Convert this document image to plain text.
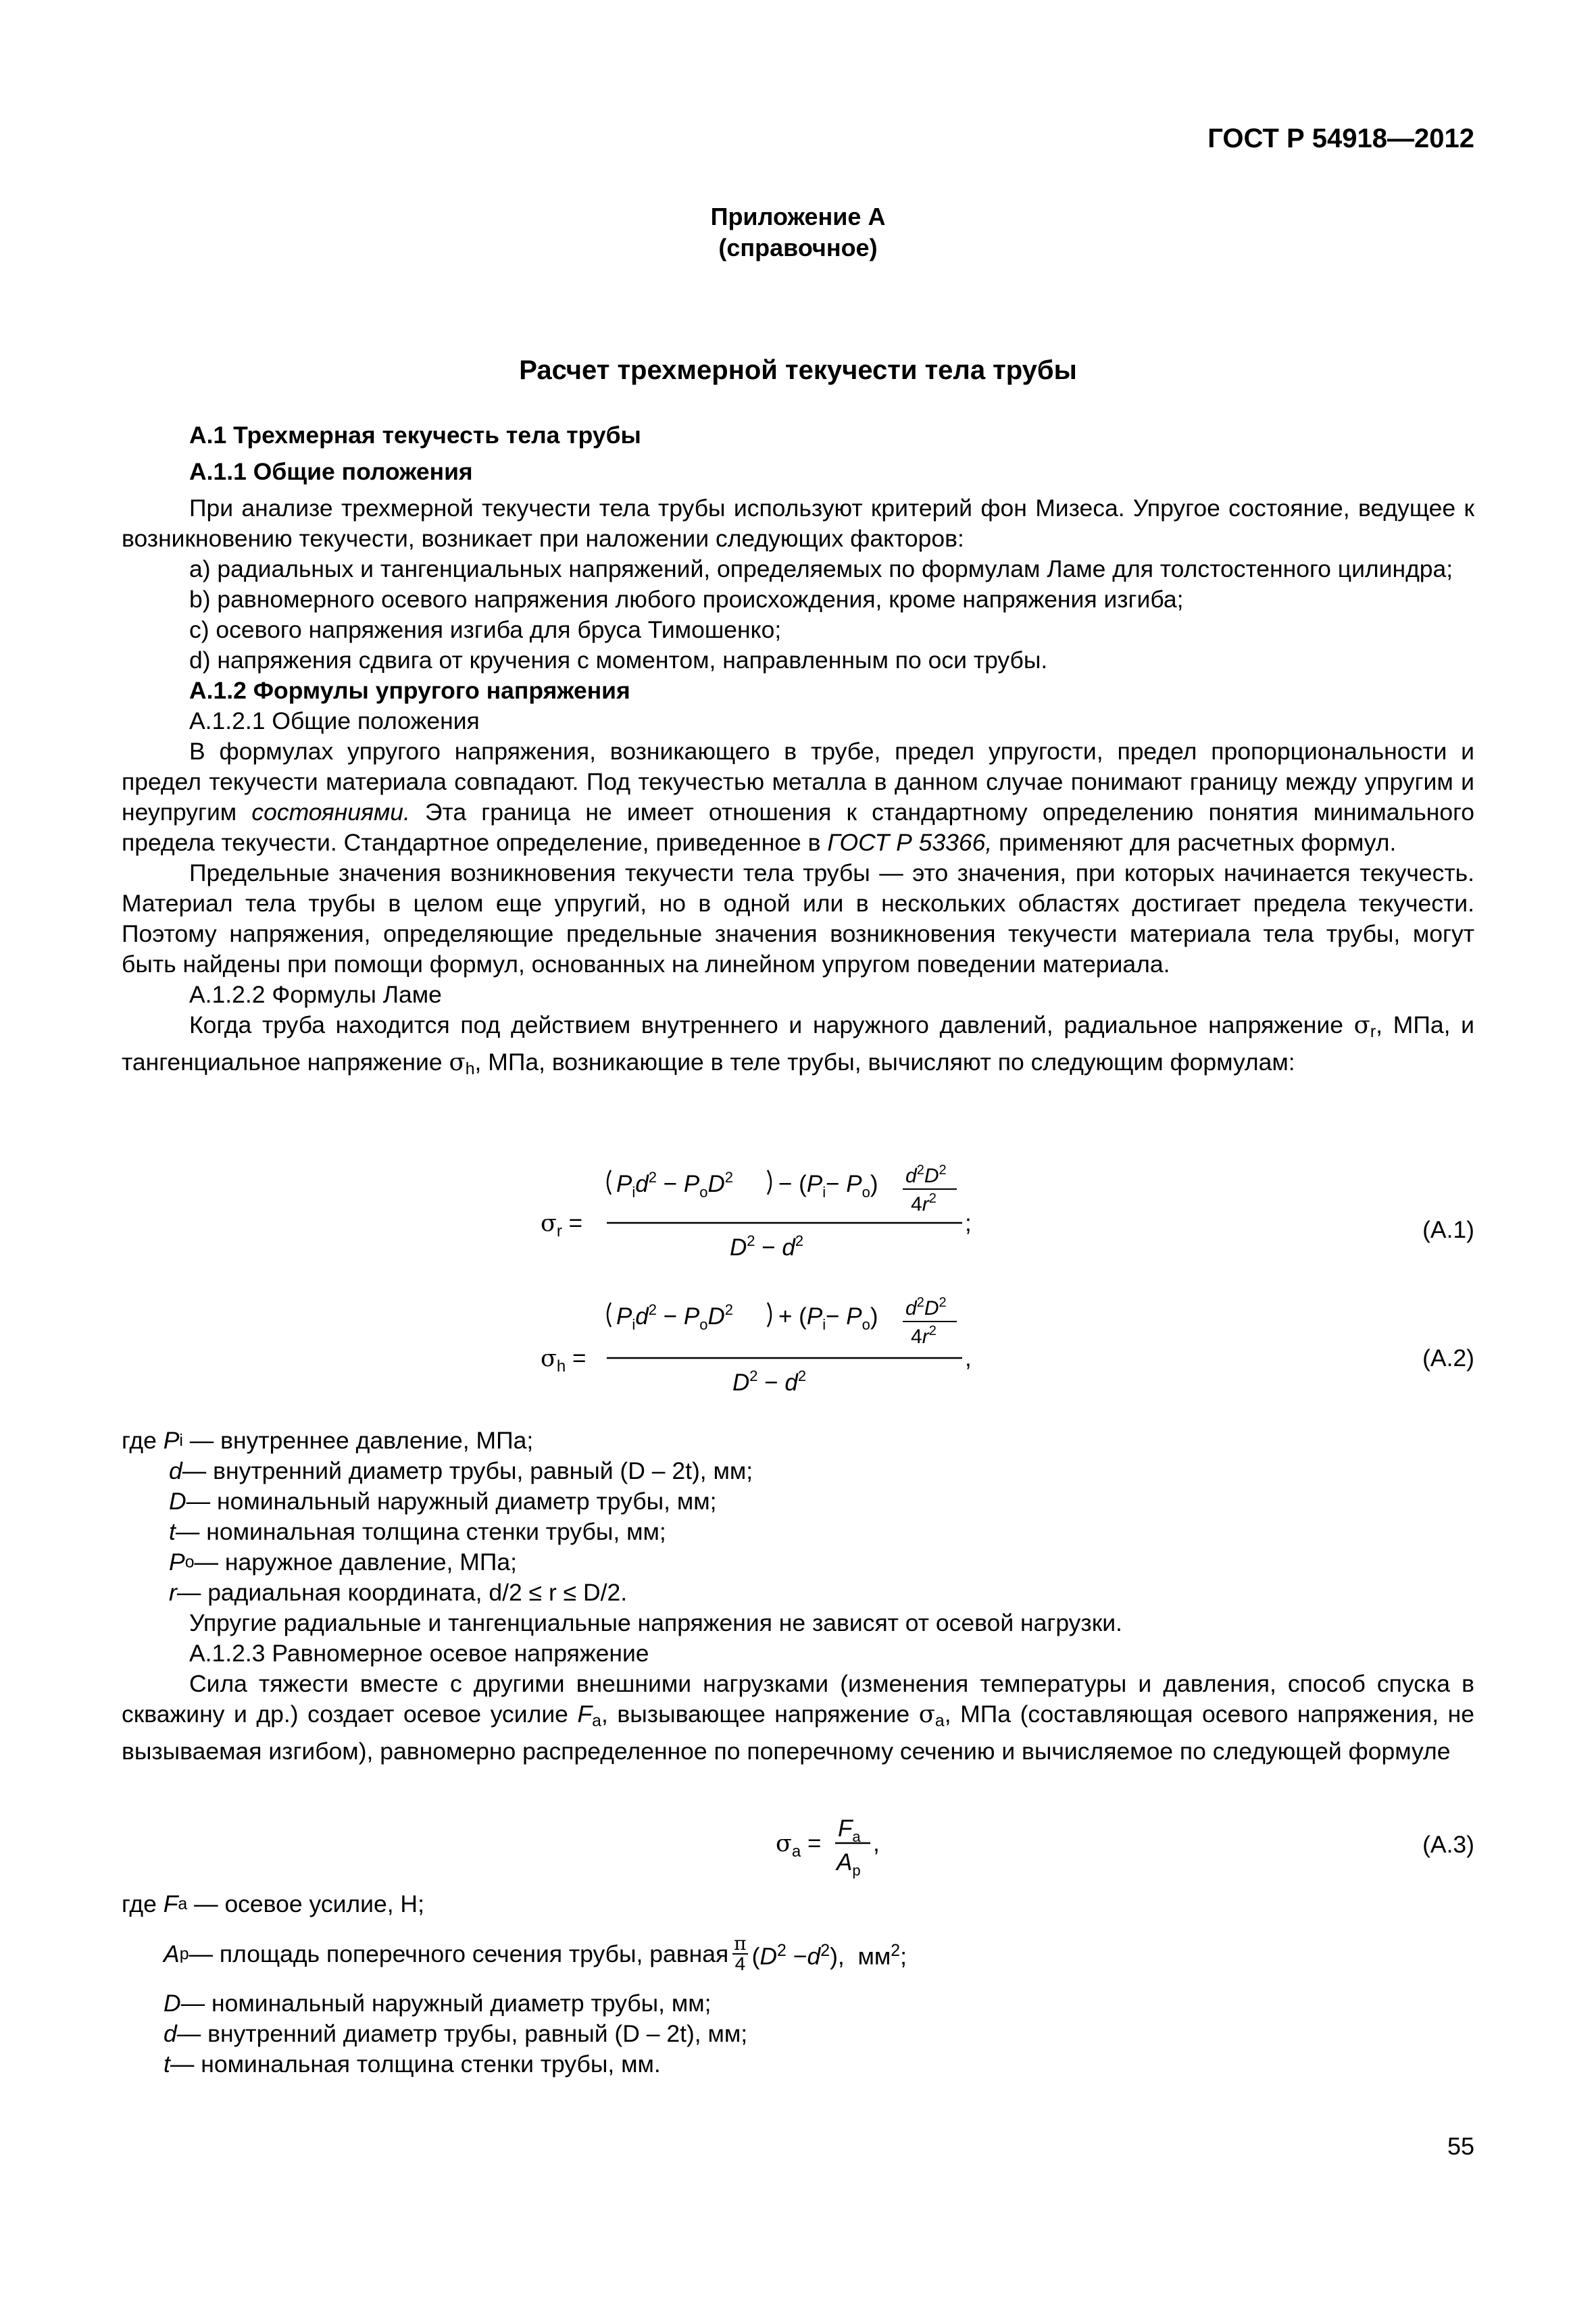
ГОСТ Р 54918—2012
Приложение А
(справочное)
Расчет трехмерной текучести тела трубы
А.1 Трехмерная текучесть тела трубы
А.1.1 Общие положения

При анализе трехмерной текучести тела трубы используют критерий фон Мизеса. Упругое состояние, ведущее к возникновению текучести, возникает при наложении следующих факторов:

a) радиальных и тангенциальных напряжений, определяемых по формулам Ламе для толстостенного цилиндра;

b) равномерного осевого напряжения любого происхождения, кроме напряжения изгиба;

c) осевого напряжения изгиба для бруса Тимошенко;

d) напряжения сдвига от кручения с моментом, направленным по оси трубы.

А.1.2 Формулы упругого напряжения

А.1.2.1 Общие положения

В формулах упругого напряжения, возникающего в трубе, предел упругости, предел пропорциональности и предел текучести материала совпадают. Под текучестью металла в данном случае понимают границу между упругим и неупругим состояниями. Эта граница не имеет отношения к стандартному определению понятия минимального предела текучести. Стандартное определение, приведенное в ГОСТ Р 53366, применяют для расчетных формул.

Предельные значения возникновения текучести тела трубы — это значения, при которых начинается текучесть. Материал тела трубы в целом еще упругий, но в одной или в нескольких областях достигает предела текучести. Поэтому напряжения, определяющие предельные значения возникновения текучести материала тела трубы, могут быть найдены при помощи формул, основанных на линейном упругом поведении материала.

А.1.2.2 Формулы Ламе

Когда труба находится под действием внутреннего и наружного давлений, радиальное напряжение $\sigma_r$, МПа, и тангенциальное напряжение $\sigma_h$, МПа, возникающие в теле трубы, вычисляют по следующим формулам:

$\sigma_r$ =
$P_id^2 - P_oD^2 - (P_i- P_o)$ $d^2D^2$
$4r^2$
$D^2 - d^2$
;	(А.1)
$\sigma_h$ =
$P_id^2 - P_oD^2 + (P_i- P_o)$ $d^2D^2$
$4r^2$
$D^2 - d^2$
,	(А.2)
где
P i
— внутреннее давление, МПа;
d — внутренний диаметр трубы, равный (D – 2t), мм;
D — номинальный наружный диаметр трубы, мм;
t — номинальная толщина стенки трубы, мм;
P o — наружное давление, МПа;
r — радиальная координата, d/2 ≤ r ≤ D/2.

Упругие радиальные и тангенциальные напряжения не зависят от осевой нагрузки.

А.1.2.3 Равномерное осевое напряжение

Сила тяжести вместе с другими внешними нагрузками (изменения температуры и давления, способ спуска в скважину и др.) создает осевое усилие $F_a$, вызывающее напряжение $\sigma_a$, МПа (составляющая осевого напряжения, не вызываемая изгибом), равномерно распределенное по поперечному сечению и вычисляемое по следующей формуле

$\sigma_a$ =
$F_a$
$A_p$
,	(А.3)
где
F a
— осевое усилие, Н;
A p — площадь поперечного сечения трубы, равная $\frac{\pi}{4} (D^2 -d^2)$,  $мм^2$;
D — номинальный наружный диаметр трубы, мм;
d — внутренний диаметр трубы, равный (D – 2t), мм;
t — номинальная толщина стенки трубы, мм.
55
